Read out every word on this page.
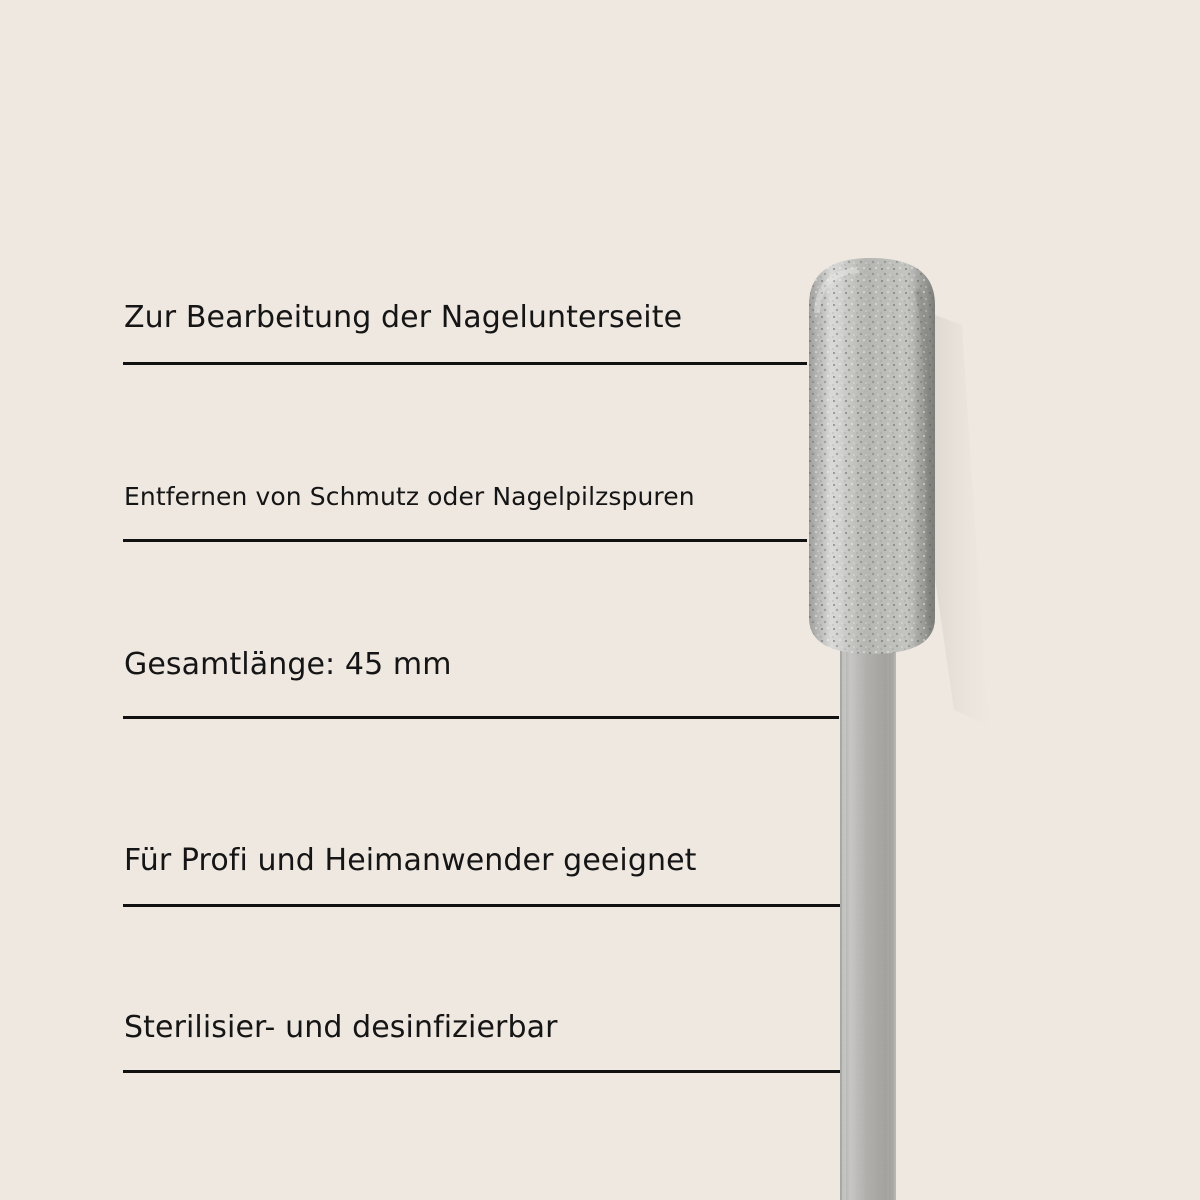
Zur Bearbeitung der Nagelunterseite
Entfernen von Schmutz oder Nagelpilzspuren
Gesamtlänge: 45 mm
Für Profi und Heimanwender geeignet
Sterilisier- und desinfizierbar
